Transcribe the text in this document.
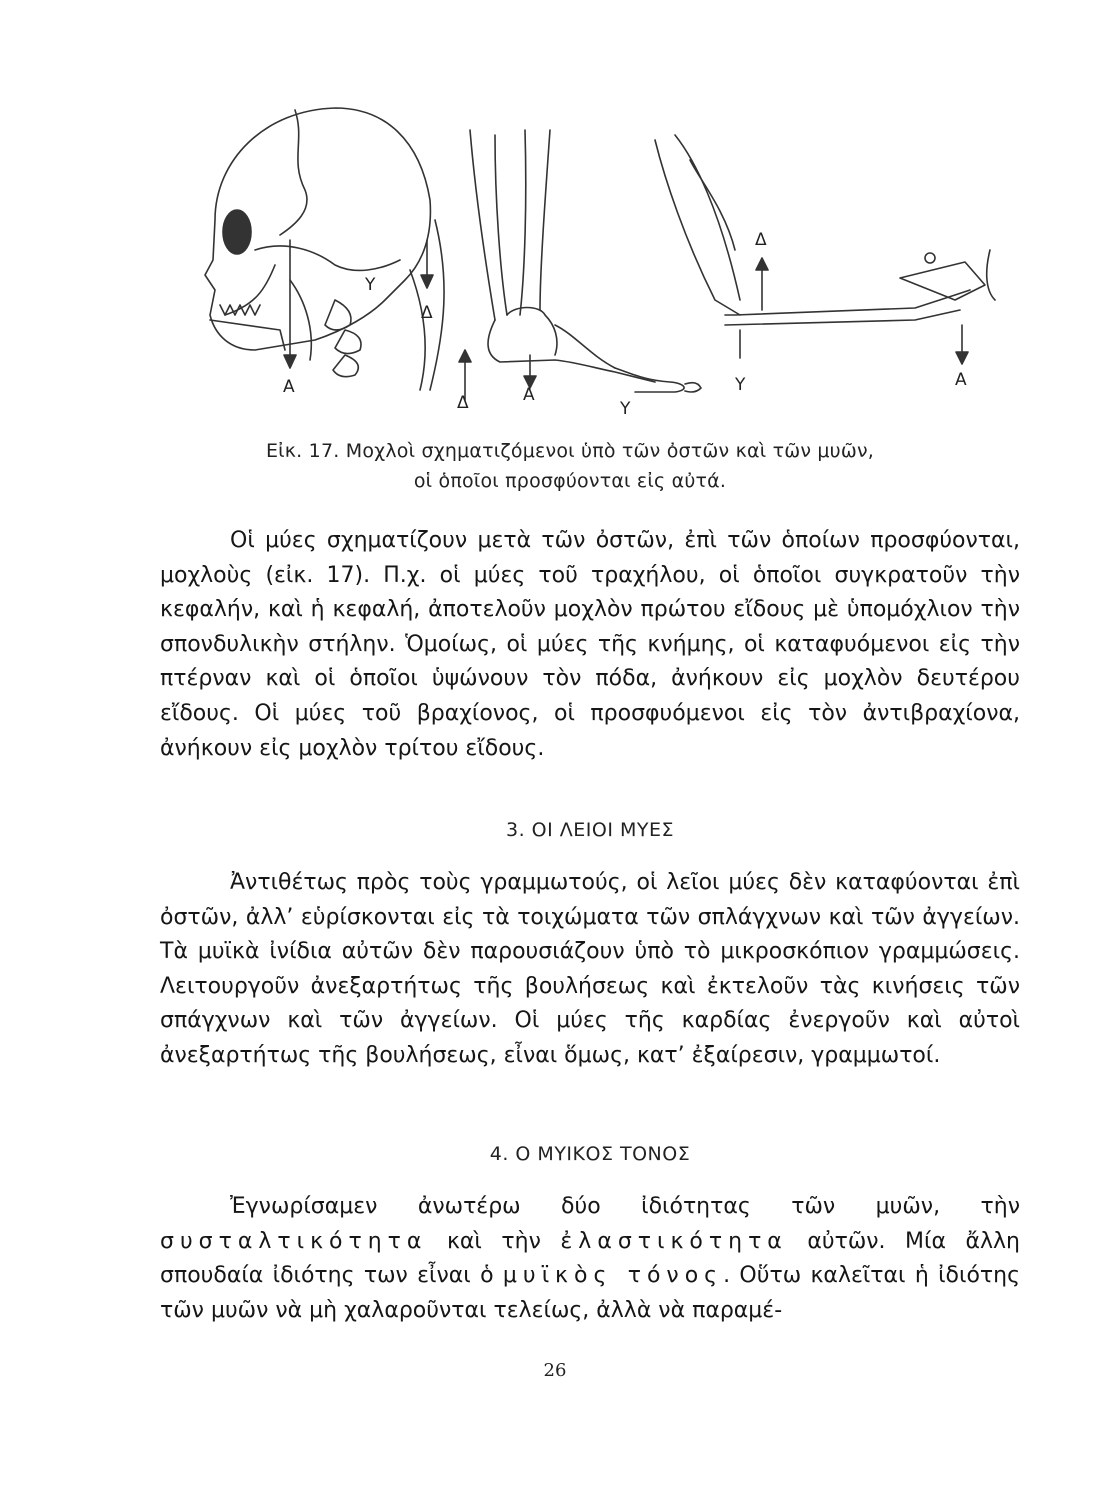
A
Y
Δ
Δ	A
Y
Δ
Y	A
Εἰκ. 17. Μοχλοὶ σχηματιζόμενοι ὑπὸ τῶν ὀστῶν καὶ τῶν μυῶν,
οἱ ὁποῖοι προσφύονται εἰς αὐτά.

Οἱ μύες σχηματίζουν μετὰ τῶν ὀστῶν, ἐπὶ τῶν ὁποίων προσφύονται, μοχλοὺς (εἰκ. 17). Π.χ. οἱ μύες τοῦ τραχήλου, οἱ ὁποῖοι συγκρατοῦν τὴν κεφαλήν, καὶ ἡ κεφαλή, ἀποτελοῦν μοχλὸν πρώτου εἴδους μὲ ὑπομόχλιον τὴν σπονδυλικὴν στήλην. Ὁμοίως, οἱ μύες τῆς κνήμης, οἱ καταφυόμενοι εἰς τὴν πτέρναν καὶ οἱ ὁποῖοι ὑψώνουν τὸν πόδα, ἀνήκουν εἰς μοχλὸν δευτέρου εἴδους. Οἱ μύες τοῦ βραχίονος, οἱ προσφυόμενοι εἰς τὸν ἀντιβραχίονα, ἀνήκουν εἰς μοχλὸν τρίτου εἴδους.

3. ΟΙ ΛΕΙΟΙ ΜΥΕΣ

Ἀντιθέτως πρὸς τοὺς γραμμωτούς, οἱ λεῖοι μύες δὲν καταφύονται ἐπὶ ὀστῶν, ἀλλ’ εὑρίσκονται εἰς τὰ τοιχώματα τῶν σπλάγχνων καὶ τῶν ἀγγείων. Τὰ μυϊκὰ ἰνίδια αὐτῶν δὲν παρουσιάζουν ὑπὸ τὸ μικροσκόπιον γραμμώσεις. Λειτουργοῦν ἀνεξαρτήτως τῆς βουλήσεως καὶ ἐκτελοῦν τὰς κινήσεις τῶν σπάγχνων καὶ τῶν ἀγγείων. Οἱ μύες τῆς καρδίας ἐνεργοῦν καὶ αὐτοὶ ἀνεξαρτήτως τῆς βουλήσεως, εἶναι ὅμως, κατ’ ἐξαίρεσιν, γραμμωτοί.

4. Ο ΜΥΙΚΟΣ ΤΟΝΟΣ

Ἐγνωρίσαμεν ἀνωτέρω δύο ἰδιότητας τῶν μυῶν, τὴν συσταλτικότητα καὶ τὴν ἐλαστικότητα αὐτῶν. Μία ἄλλη σπουδαία ἰδιότης των εἶναι ὁ μυϊκὸς τόνος. Οὕτω καλεῖται ἡ ἰδιότης τῶν μυῶν νὰ μὴ χαλαροῦνται τελείως, ἀλλὰ νὰ παραμέ-

26
